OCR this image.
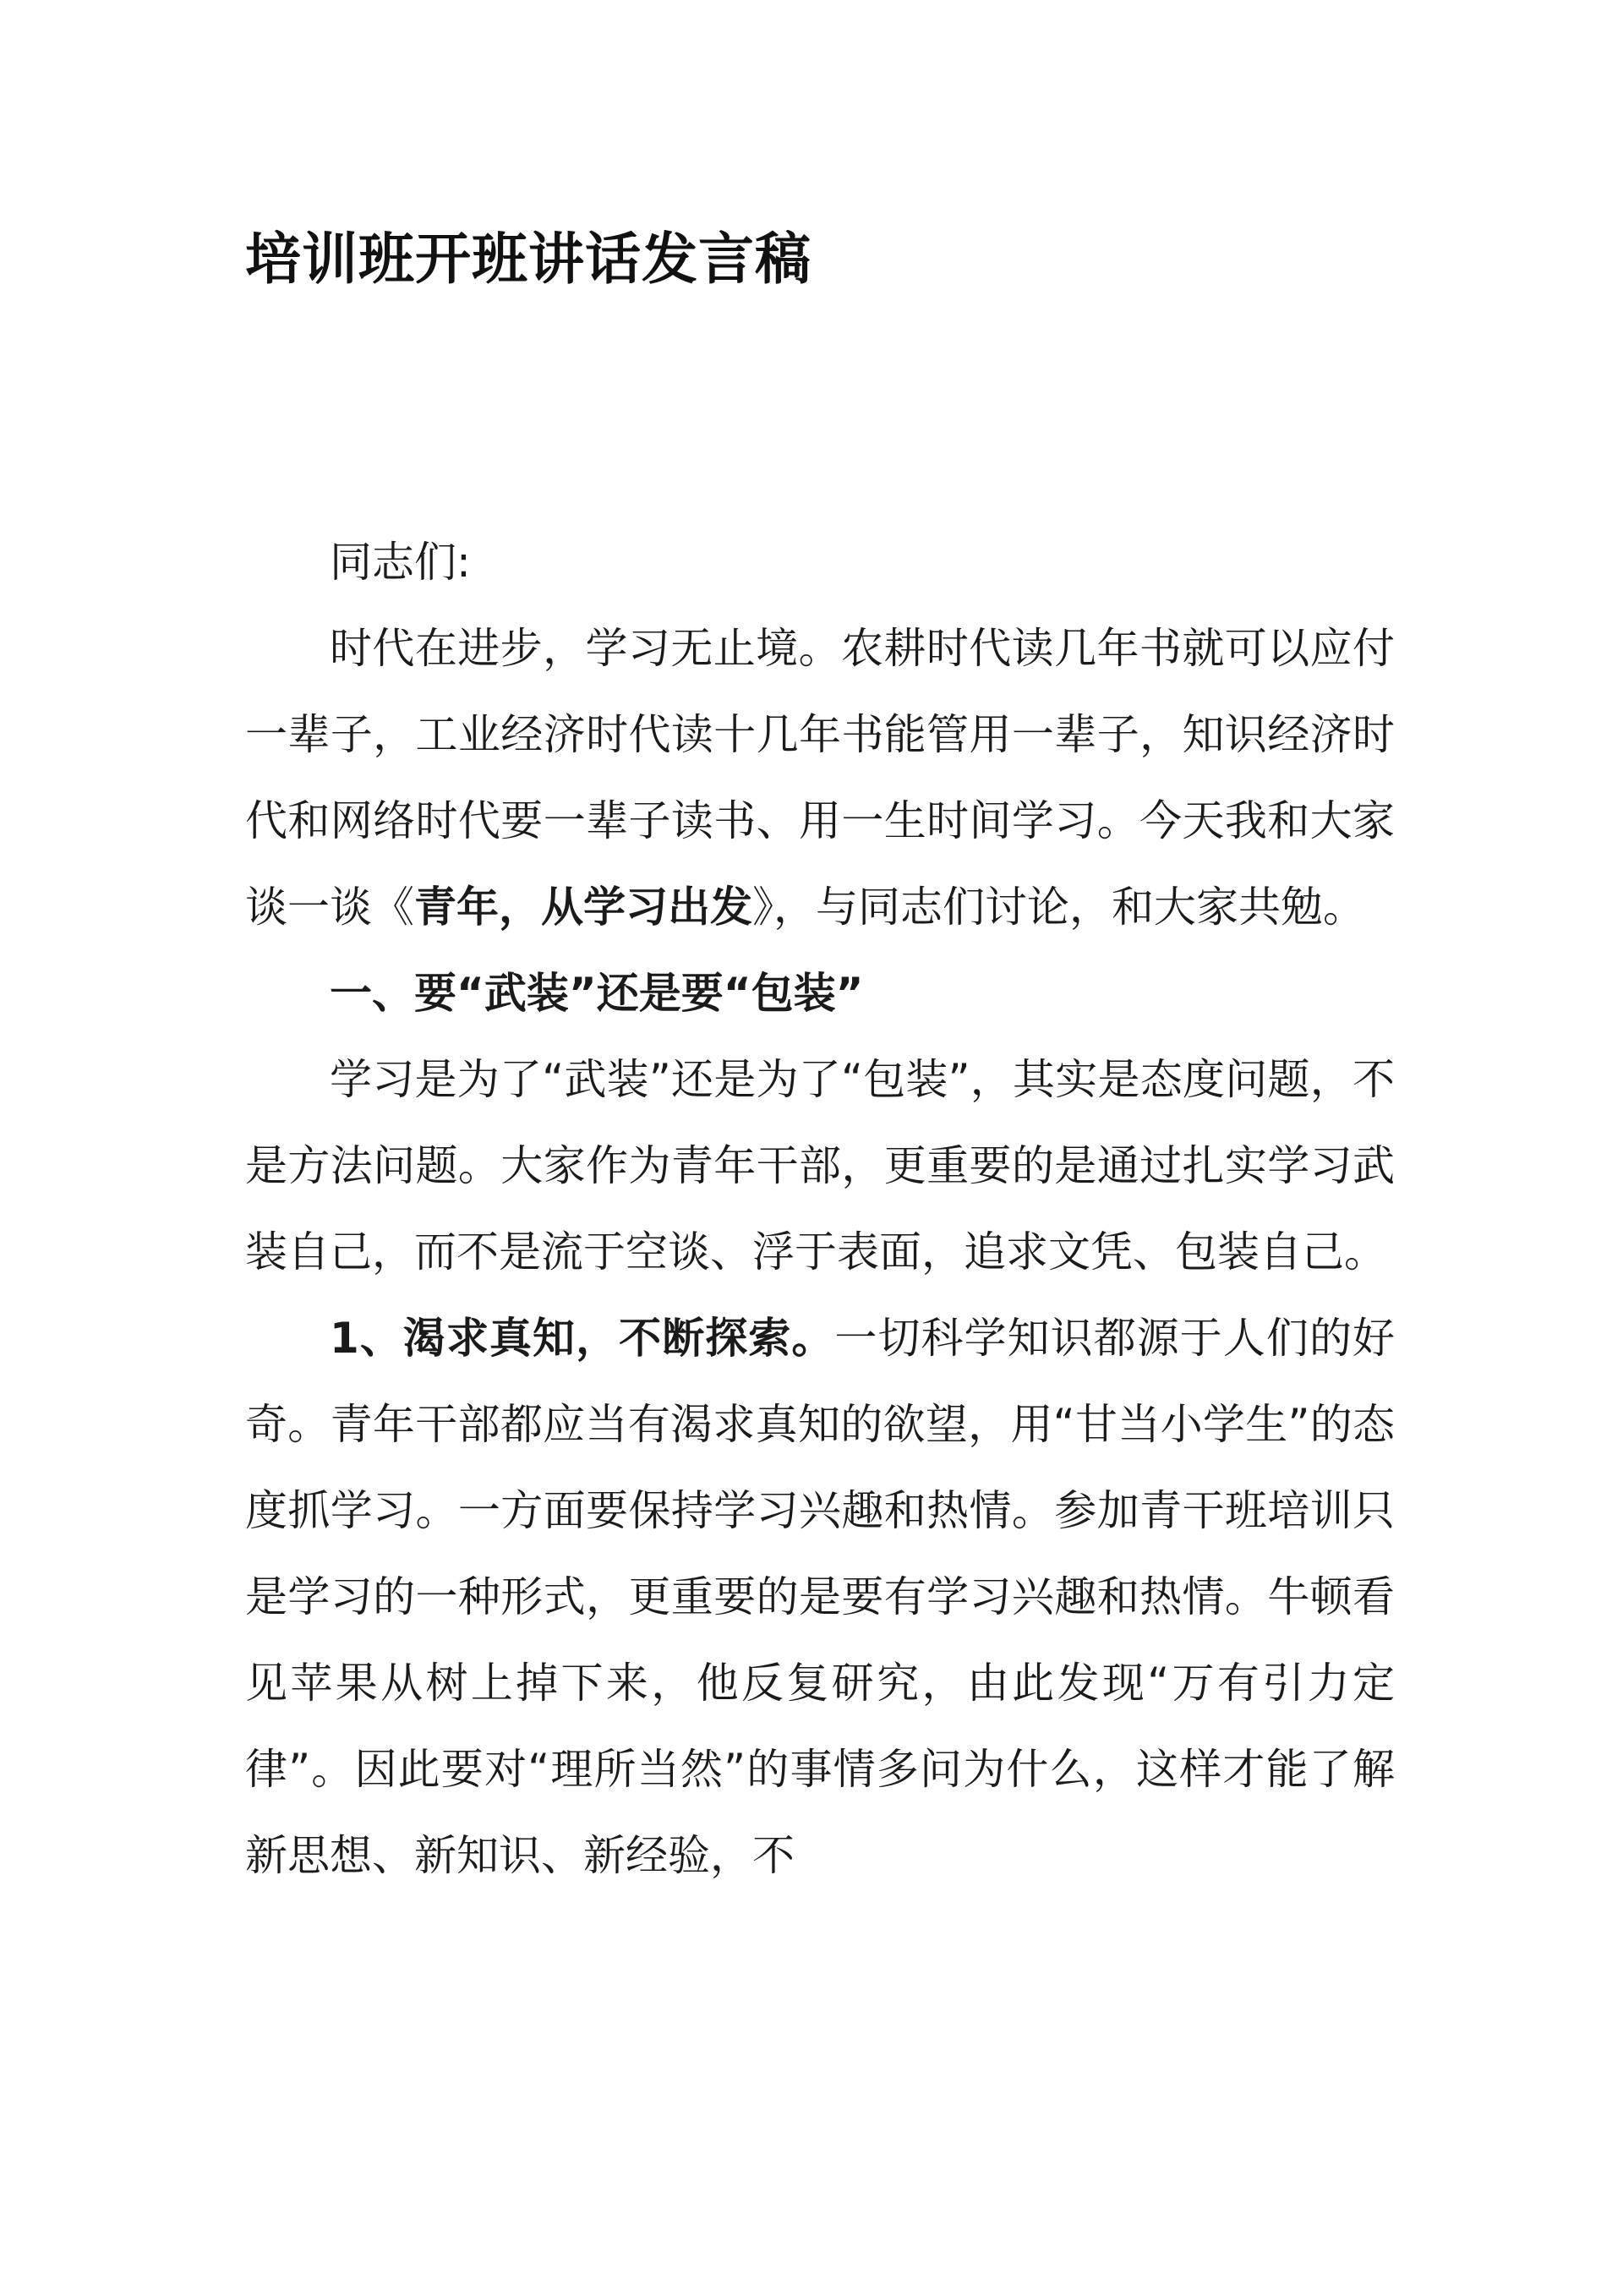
培训班开班讲话发言稿

同志们:

时代在进步，学习无止境。农耕时代读几年书就可以应付一辈子，工业经济时代读十几年书能管用一辈子，知识经济时代和网络时代要一辈子读书、用一生时间学习。今天我和大家谈一谈《青年，从学习出发》，与同志们讨论，和大家共勉。

一、要“武装”还是要“包装”

学习是为了“武装”还是为了“包装”，其实是态度问题，不是方法问题。大家作为青年干部，更重要的是通过扎实学习武装自己，而不是流于空谈、浮于表面，追求文凭、包装自己。

1、渴求真知，不断探索。一切科学知识都源于人们的好奇。青年干部都应当有渴求真知的欲望，用“甘当小学生”的态度抓学习。一方面要保持学习兴趣和热情。参加青干班培训只是学习的一种形式，更重要的是要有学习兴趣和热情。牛顿看见苹果从树上掉下来，他反复研究，由此发现“万有引力定律”。因此要对“理所当然”的事情多问为什么，这样才能了解新思想、新知识、新经验，不
